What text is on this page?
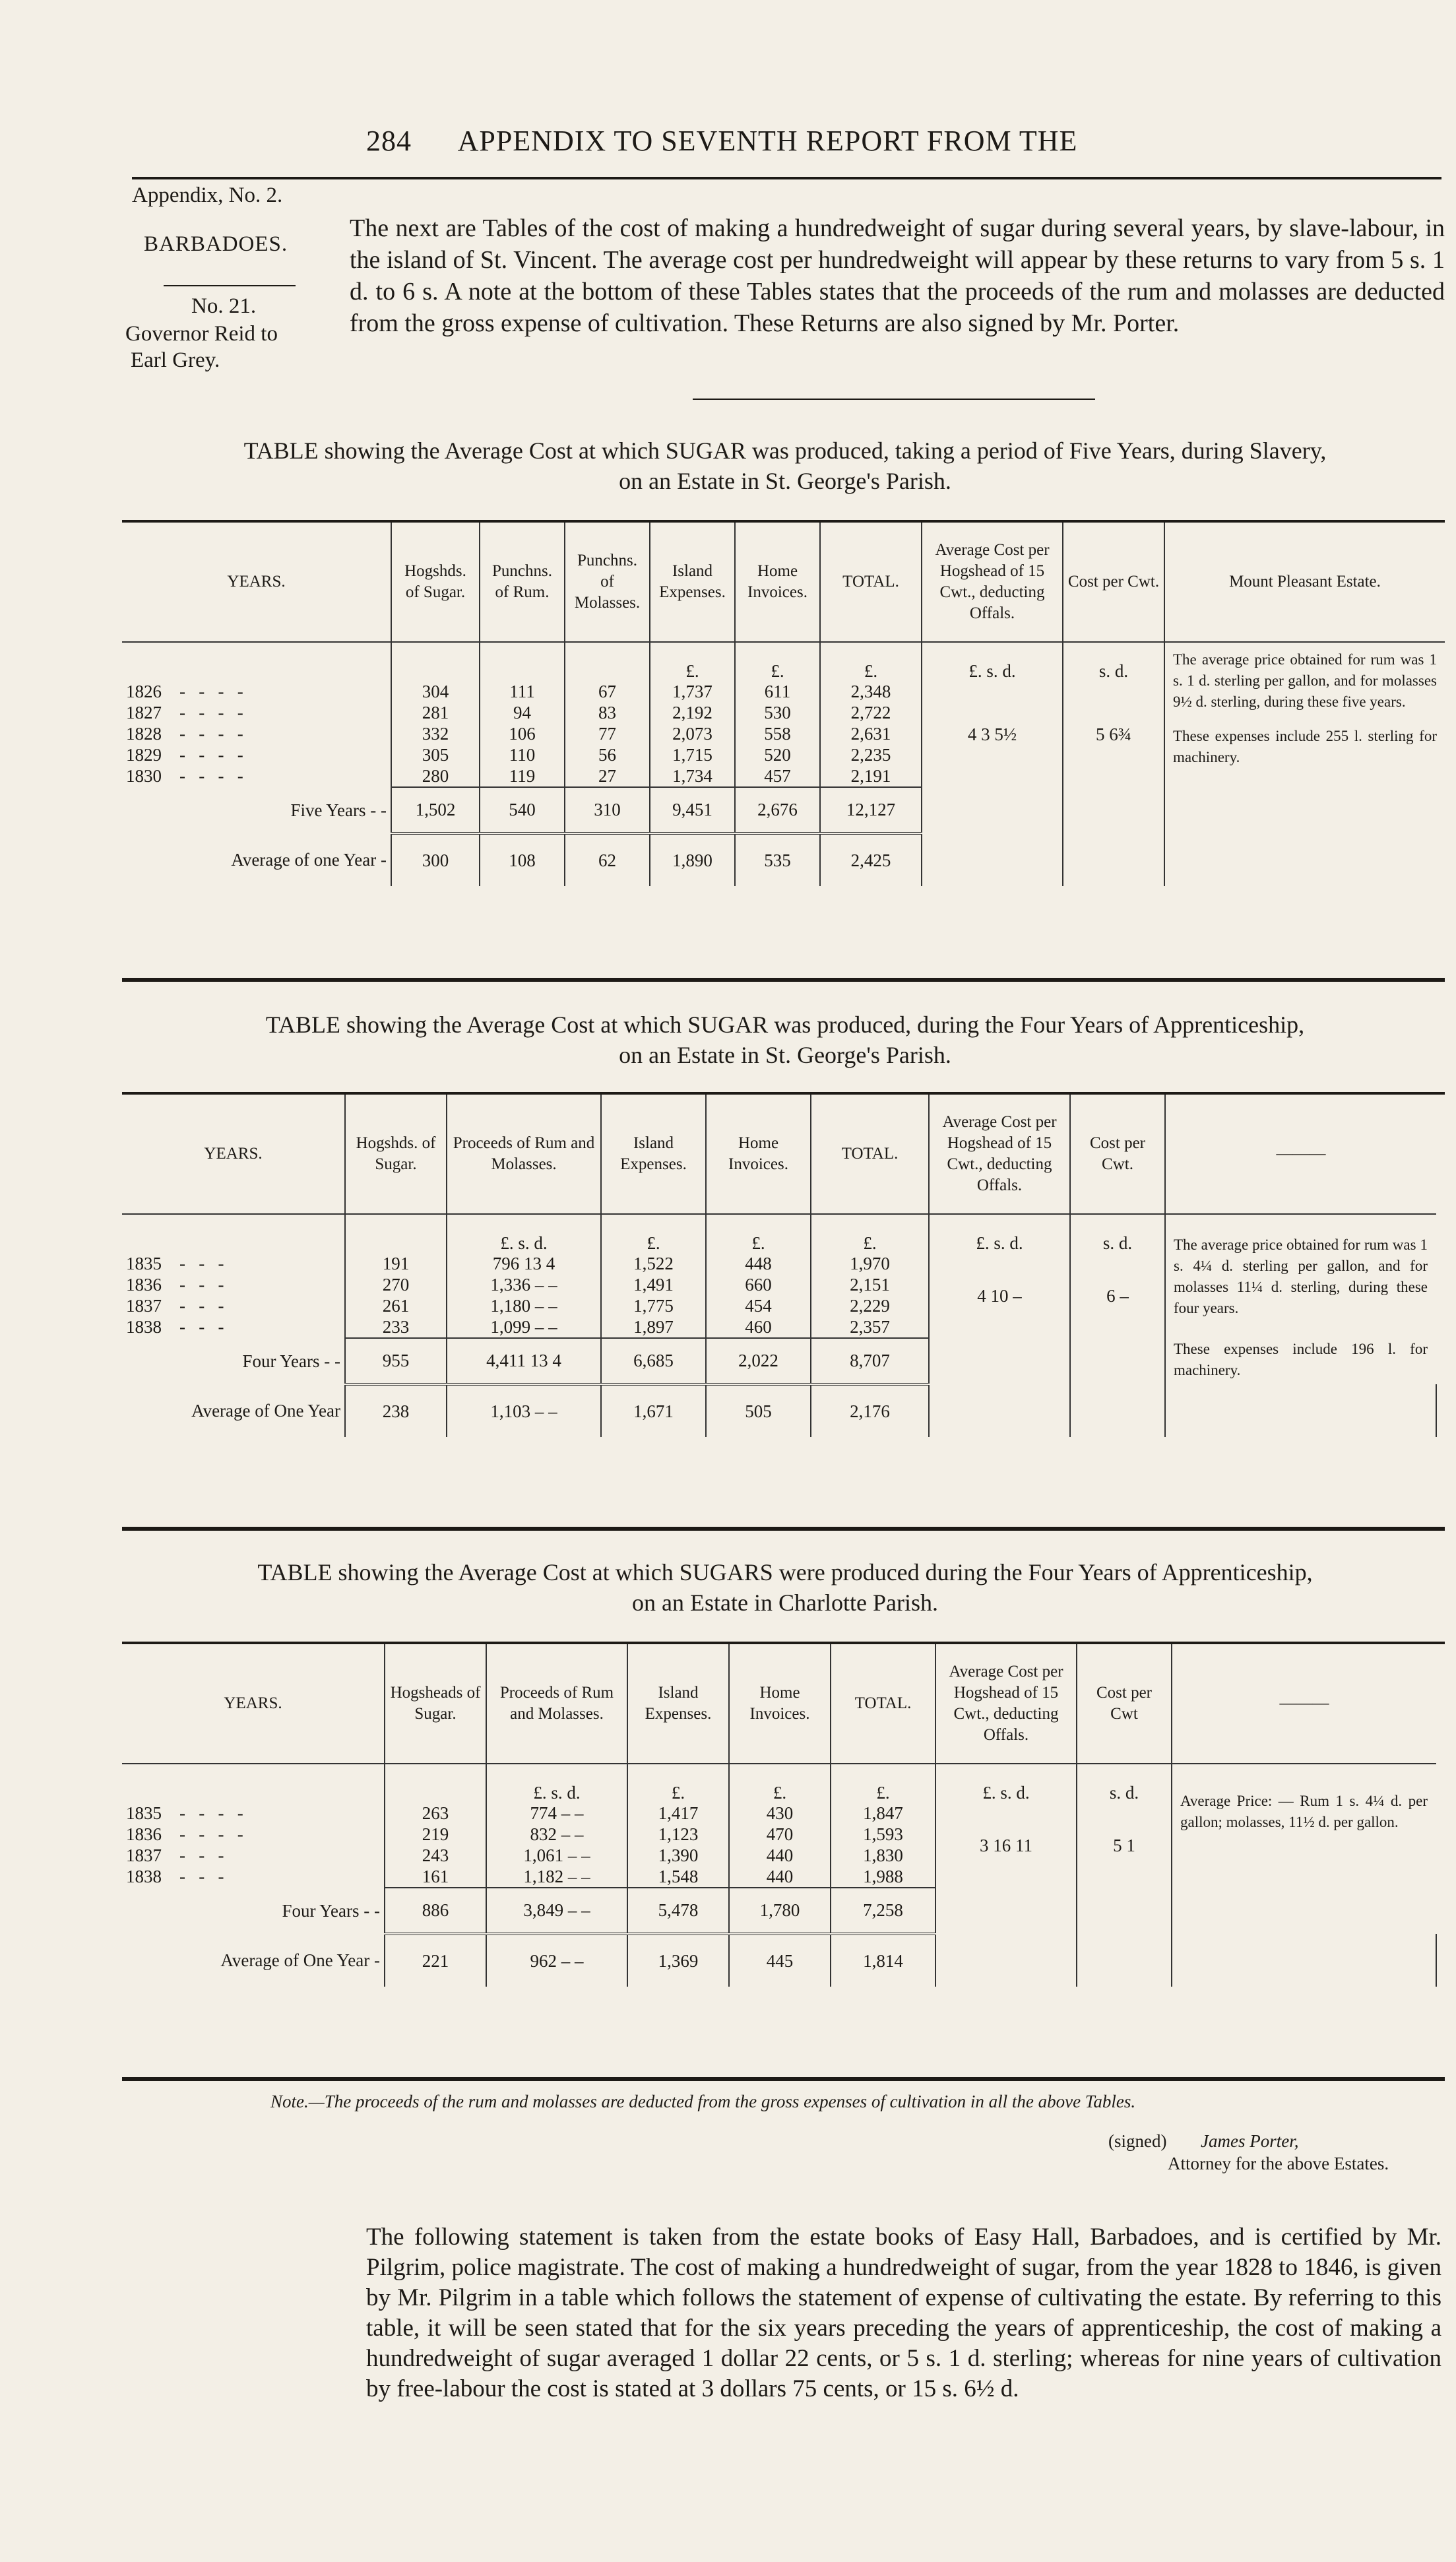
284 APPENDIX TO SEVENTH REPORT FROM THE
Appendix, No. 2.
BARBADOES.
No. 21.
Governor Reid to
Earl Grey.
The next are Tables of the cost of making a hundredweight of sugar during several years, by slave-labour, in the island of St. Vincent. The average cost per hundredweight will appear by these returns to vary from 5 s. 1 d. to 6 s. A note at the bottom of these Tables states that the proceeds of the rum and molasses are deducted from the gross expense of cultivation. These Returns are also signed by Mr. Porter.
TABLE showing the Average Cost at which SUGAR was produced, taking a period of Five Years, during Slavery,
on an Estate in St. George's Parish.
YEARS.	Hogshds. of Sugar.	Punchns. of Rum.	Punchns. of Molasses.	Island Expenses.	Home Invoices.	TOTAL.	Average Cost per Hogshead of 15 Cwt., deducting Offals.	Cost per Cwt.	Mount Pleasant Estate.
				£.	£.	£.	£. s. d.	s. d.	The average price obtained for rum was 1 s. 1 d. sterling per gallon, and for molasses 9½ d. sterling, during these five years.
These expenses include 255 l. sterling for machinery.

1826    -   -   -   -	304	111	67	1,737	611	2,348	4 3 5½	5 6¾	
1827    -   -   -   -	281	94	83	2,192	530	2,722			
1828    -   -   -   -	332	106	77	2,073	558	2,631			
1829    -   -   -   -	305	110	56	1,715	520	2,235			
1830    -   -   -   -	280	119	27	1,734	457	2,191			
Five Years - -	1,502	540	310	9,451	2,676	12,127			
Average of one Year -	300	108	62	1,890	535	2,425			
TABLE showing the Average Cost at which SUGAR was produced, during the Four Years of Apprenticeship,
on an Estate in St. George's Parish.
YEARS.	Hogshds. of Sugar.	Proceeds of Rum and Molasses.	Island Expenses.	Home Invoices.	TOTAL.	Average Cost per Hogshead of 15 Cwt., deducting Offals.	Cost per Cwt.	———	
		£. s. d.	£.	£.	£.	£. s. d.	s. d.	The average price obtained for rum was 1 s. 4¼ d. sterling per gallon, and for molasses 11¼ d. sterling, during these four years.
These expenses include 196 l. for machinery.	

1835    -   -   -	191	796 13 4	1,522	448	1,970	4 10 –	6 –		
1836    -   -   -	270	1,336 – –	1,491	660	2,151				
1837    -   -   -	261	1,180 – –	1,775	454	2,229				
1838    -   -   -	233	1,099 – –	1,897	460	2,357				
Four Years - -	955	4,411 13 4	6,685	2,022	8,707				
Average of One Year	238	1,103 – –	1,671	505	2,176				
TABLE showing the Average Cost at which SUGARS were produced during the Four Years of Apprenticeship,
on an Estate in Charlotte Parish.
YEARS.	Hogsheads of Sugar.	Proceeds of Rum and Molasses.	Island Expenses.	Home Invoices.	TOTAL.	Average Cost per Hogshead of 15 Cwt., deducting Offals.	Cost per Cwt	———	
		£. s. d.	£.	£.	£.	£. s. d.	s. d.	Average Price: — Rum 1 s. 4¼ d. per gallon; molasses, 11½ d. per gallon.	

1835    -   -   -   -	263	774 – –	1,417	430	1,847	3 16 11	5 1		
1836    -   -   -   -	219	832 – –	1,123	470	1,593				
1837    -   -   -	243	1,061 – –	1,390	440	1,830				
1838    -   -   -	161	1,182 – –	1,548	440	1,988				
Four Years - -	886	3,849 – –	5,478	1,780	7,258				
Average of One Year -	221	962 – –	1,369	445	1,814				
Note.—The proceeds of the rum and molasses are deducted from the gross expenses of cultivation in all the above Tables.
(signed) James Porter,
Attorney for the above Estates.
The following statement is taken from the estate books of Easy Hall, Barbadoes, and is certified by Mr. Pilgrim, police magistrate. The cost of making a hundredweight of sugar, from the year 1828 to 1846, is given by Mr. Pilgrim in a table which follows the statement of expense of cultivating the estate. By referring to this table, it will be seen stated that for the six years preceding the years of apprenticeship, the cost of making a hundredweight of sugar averaged 1 dollar 22 cents, or 5 s. 1 d. sterling; whereas for nine years of cultivation by free-labour the cost is stated at 3 dollars 75 cents, or 15 s. 6½ d.
